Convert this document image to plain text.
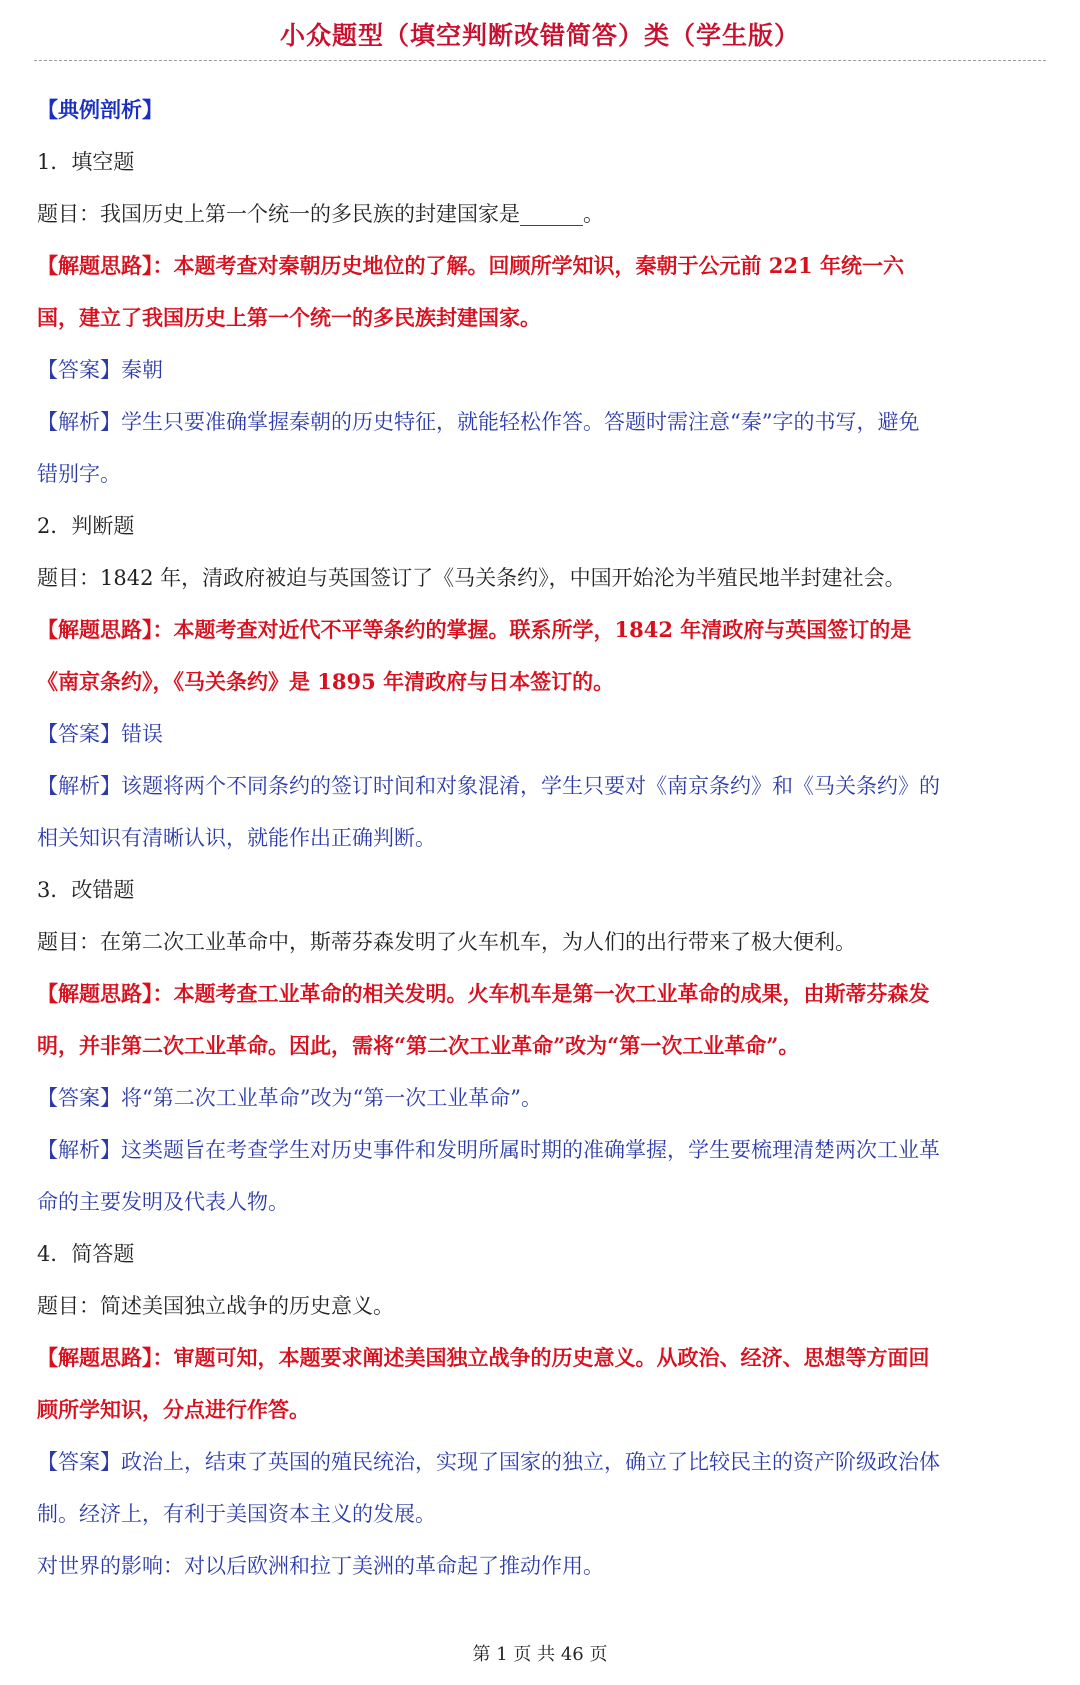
小众题型（填空判断改错简答）类（学生版）
【典例剖析】
1．填空题
题目：我国历史上第一个统一的多民族的封建国家是______。
【解题思路】：本题考查对秦朝历史地位的了解。回顾所学知识，秦朝于公元前 221 年统一六
国，建立了我国历史上第一个统一的多民族封建国家。
【答案】秦朝
【解析】学生只要准确掌握秦朝的历史特征，就能轻松作答。答题时需注意“秦”字的书写，避免
错别字。
2．判断题
题目：1842 年，清政府被迫与英国签订了《马关条约》，中国开始沦为半殖民地半封建社会。
【解题思路】：本题考查对近代不平等条约的掌握。联系所学，1842 年清政府与英国签订的是
《南京条约》，《马关条约》是 1895 年清政府与日本签订的。
【答案】错误
【解析】该题将两个不同条约的签订时间和对象混淆，学生只要对《南京条约》和《马关条约》的
相关知识有清晰认识，就能作出正确判断。
3．改错题
题目：在第二次工业革命中，斯蒂芬森发明了火车机车，为人们的出行带来了极大便利。
【解题思路】：本题考查工业革命的相关发明。火车机车是第一次工业革命的成果，由斯蒂芬森发
明，并非第二次工业革命。因此，需将“第二次工业革命”改为“第一次工业革命”。
【答案】将“第二次工业革命”改为“第一次工业革命”。
【解析】这类题旨在考查学生对历史事件和发明所属时期的准确掌握，学生要梳理清楚两次工业革
命的主要发明及代表人物。
4．简答题
题目：简述美国独立战争的历史意义。
【解题思路】：审题可知，本题要求阐述美国独立战争的历史意义。从政治、经济、思想等方面回
顾所学知识，分点进行作答。
【答案】政治上，结束了英国的殖民统治，实现了国家的独立，确立了比较民主的资产阶级政治体
制。经济上，有利于美国资本主义的发展。
对世界的影响：对以后欧洲和拉丁美洲的革命起了推动作用。
第 1 页 共 46 页
